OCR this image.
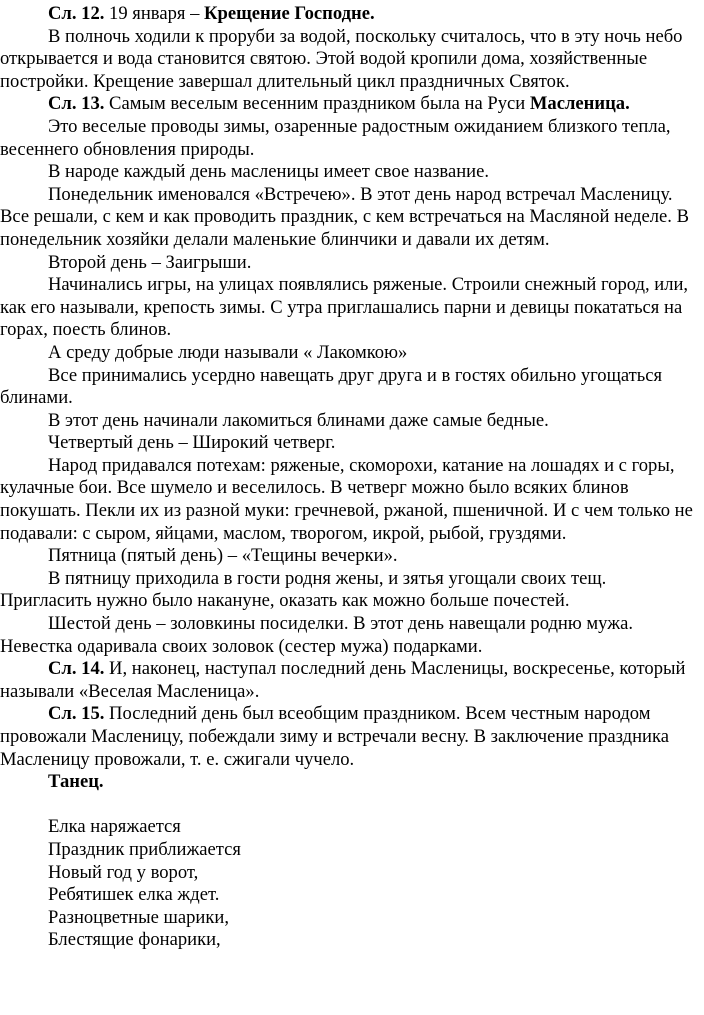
Сл. 12. 19 января – Крещение Господне.

В полночь ходили к проруби за водой, поскольку считалось, что в эту ночь небо открывается и вода становится святою. Этой водой кропили дома, хозяйственные постройки. Крещение завершал длительный цикл праздничных Святок.

Сл. 13. Самым веселым весенним праздником была на Руси Масленица.

Это веселые проводы зимы, озаренные радостным ожиданием близкого тепла, весеннего обновления природы.

В народе каждый день масленицы имеет свое название.

Понедельник именовался «Встречею». В этот день народ встречал Масленицу. Все решали, с кем и как проводить праздник, с кем встречаться на Масляной неделе. В понедельник хозяйки делали маленькие блинчики и давали их детям.

Второй день – Заигрыши.

Начинались игры, на улицах появлялись ряженые. Строили снежный город, или, как его называли, крепость зимы. С утра приглашались парни и девицы покататься на горах, поесть блинов.

А среду добрые люди называли « Лакомкою»

Все принимались усердно навещать друг друга и в гостях обильно угощаться блинами.

В этот день начинали лакомиться блинами даже самые бедные.

Четвертый день – Широкий четверг.

Народ придавался потехам: ряженые, скоморохи, катание на лошадях и с горы, кулачные бои. Все шумело и веселилось. В четверг можно было всяких блинов покушать. Пекли их из разной муки: гречневой, ржаной, пшеничной. И с чем только не подавали: с сыром, яйцами, маслом, творогом, икрой, рыбой, груздями.

Пятница (пятый день) – «Тещины вечерки».

В пятницу приходила в гости родня жены, и зятья угощали своих тещ. Пригласить нужно было накануне, оказать как можно больше почестей.

Шестой день – золовкины посиделки. В этот день навещали родню мужа. Невестка одаривала своих золовок (сестер мужа) подарками.

Сл. 14. И, наконец, наступал последний день Масленицы, воскресенье, который называли «Веселая Масленица».

Сл. 15. Последний день был всеобщим праздником. Всем честным народом провожали Масленицу, побеждали зиму и встречали весну. В заключение праздника Масленицу провожали, т. е. сжигали чучело.

Танец.

Елка наряжается

Праздник приближается

Новый год у ворот,

Ребятишек елка ждет.

Разноцветные шарики,

Блестящие фонарики,
